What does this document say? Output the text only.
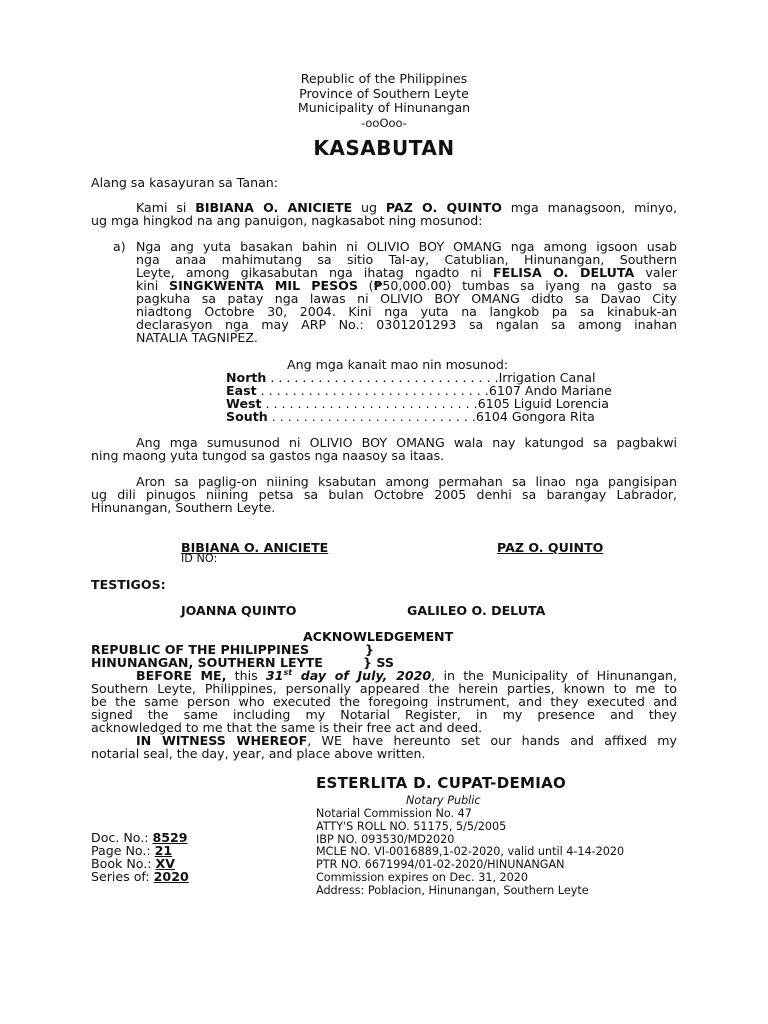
Republic of the Philippines
Province of Southern Leyte
Municipality of Hinunangan
-ooOoo-
KASABUTAN
Alang sa kasayuran sa Tanan:
Kami si BIBIANA O. ANICIETE ug PAZ O. QUINTO mga managsoon, minyo,
ug mga hingkod na ang panuigon, nagkasabot ning mosunod:
a) Nga ang yuta basakan bahin ni OLIVIO BOY OMANG nga among igsoon usab
nga anaa mahimutang sa sitio Tal-ay, Catublian, Hinunangan, Southern
Leyte, among gikasabutan nga ihatag ngadto ni FELISA O. DELUTA valer
kini SINGKWENTA MIL PESOS (₱50,000.00) tumbas sa iyang na gasto sa
pagkuha sa patay nga lawas ni OLIVIO BOY OMANG didto sa Davao City
niadtong Octobre 30, 2004. Kini nga yuta na langkob pa sa kinabuk-an
declarasyon nga may ARP No.: 0301201293 sa ngalan sa among inahan
NATALIA TAGNIPEZ.
Ang mga kanait mao nin mosunod:
North . . . . . . . . . . . . . . . . . . . . . . . . . . . . .Irrigation Canal
East . . . . . . . . . . . . . . . . . . . . . . . . . . . . .6107 Ando Mariane
West . . . . . . . . . . . . . . . . . . . . . . . . . . .6105 Liguid Lorencia
South . . . . . . . . . . . . . . . . . . . . . . . . . .6104 Gongora Rita
Ang mga sumusunod ni OLIVIO BOY OMANG wala nay katungod sa pagbakwi
ning maong yuta tungod sa gastos nga naasoy sa itaas.
Aron sa paglig-on niining ksabutan among permahan sa linao nga pangisipan
ug dili pinugos niining petsa sa bulan Octobre 2005 denhi sa barangay Labrador,
Hinunangan, Southern Leyte.
BIBIANA O. ANICIETE
ID NO:
PAZ O. QUINTO
TESTIGOS:
JOANNA QUINTO	GALILEO O. DELUTA
ACKNOWLEDGEMENT
REPUBLIC OF THE PHILIPPINES	}
HINUNANGAN, SOUTHERN LEYTE	} SS
BEFORE ME, this 31st day of July, 2020, in the Municipality of Hinunangan,
Southern Leyte, Philippines, personally appeared the herein parties, known to me to
be the same person who executed the foregoing instrument, and they executed and
signed the same including my Notarial Register, in my presence and they
acknowledged to me that the same is their free act and deed.
IN WITNESS WHEREOF, WE have hereunto set our hands and affixed my
notarial seal, the day, year, and place above written.
ESTERLITA D. CUPAT-DEMIAO
Notary Public
Notarial Commission No. 47
ATTY'S ROLL NO. 51175, 5/5/2005
IBP NO. 093530/MD2020
MCLE NO. VI-0016889,1-02-2020, valid until 4-14-2020
PTR NO. 6671994/01-02-2020/HINUNANGAN
Commission expires on Dec. 31, 2020
Address: Poblacion, Hinunangan, Southern Leyte
Doc. No.: 8529
Page No.: 21
Book No.: XV
Series of: 2020
